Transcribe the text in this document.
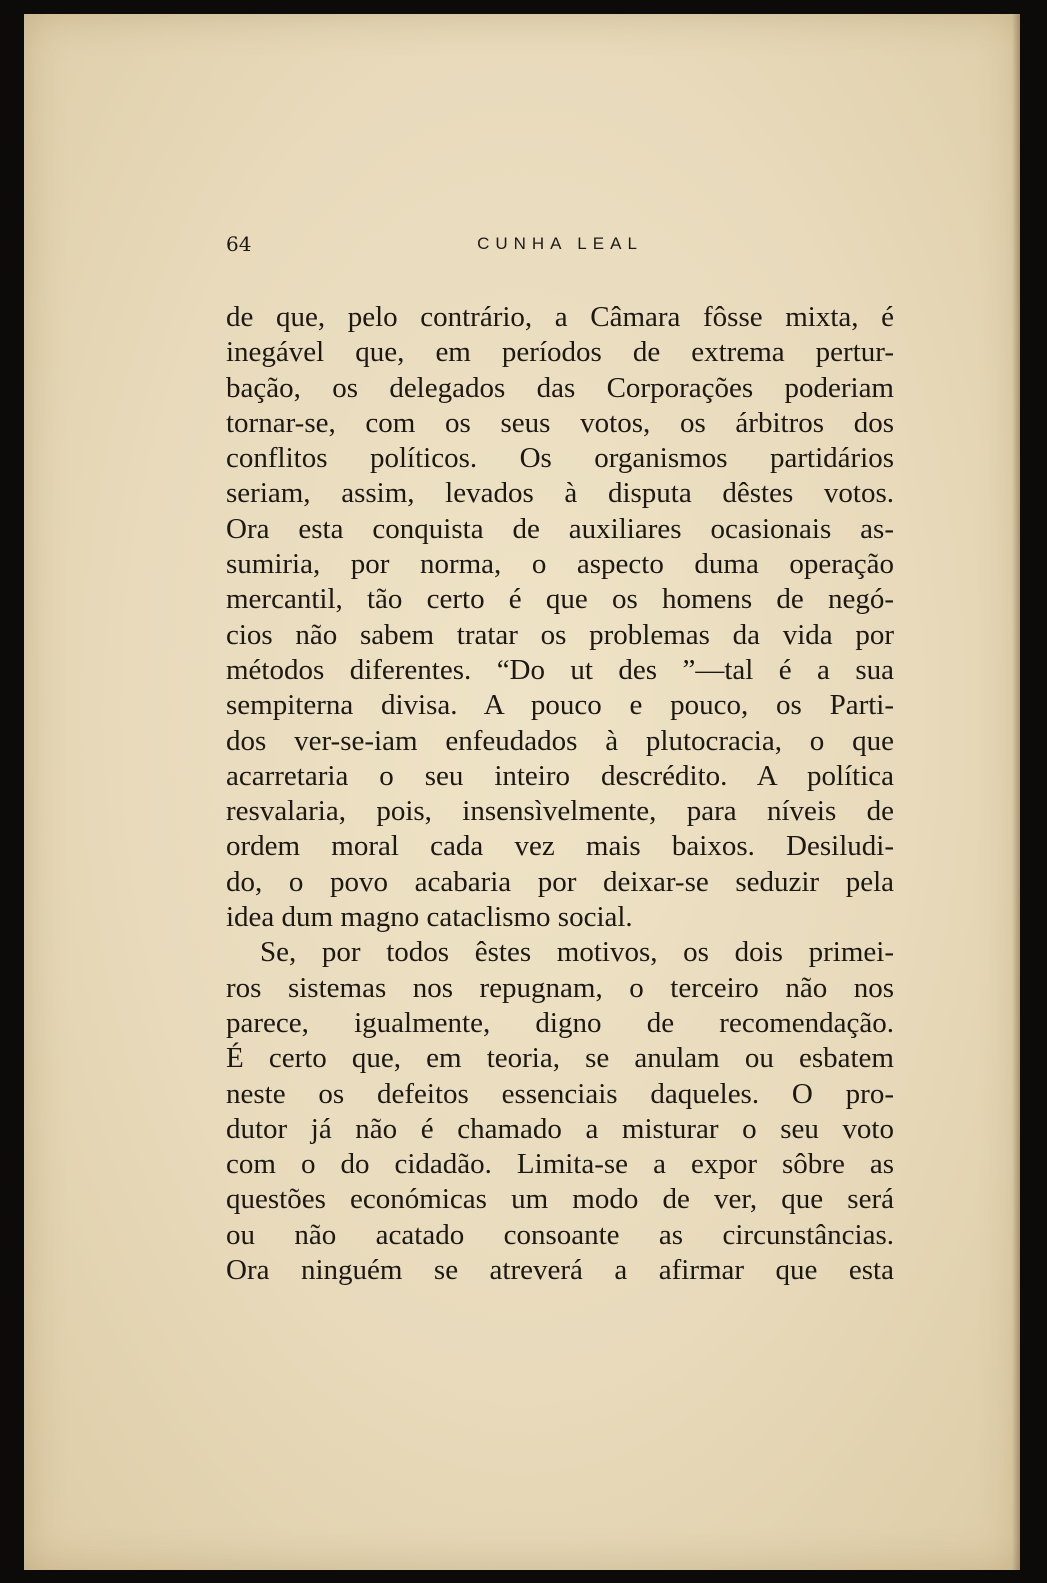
64	CUNHA LEAL
de que, pelo contrário, a Câmara fôsse mixta, é
inegável que, em períodos de extrema pertur-
bação, os delegados das Corporações poderiam
tornar-se, com os seus votos, os árbitros dos
conflitos políticos. Os organismos partidários
seriam, assim, levados à disputa dêstes votos.
Ora esta conquista de auxiliares ocasionais as-
sumiria, por norma, o aspecto duma operação
mercantil, tão certo é que os homens de negó-
cios não sabem tratar os problemas da vida por
métodos diferentes. “Do ut des ”—tal é a sua
sempiterna divisa. A pouco e pouco, os Parti-
dos ver-se-iam enfeudados à plutocracia, o que
acarretaria o seu inteiro descrédito. A política
resvalaria, pois, insensìvelmente, para níveis de
ordem moral cada vez mais baixos. Desiludi-
do, o povo acabaria por deixar-se seduzir pela
idea dum magno cataclismo social.
Se, por todos êstes motivos, os dois primei-
ros sistemas nos repugnam, o terceiro não nos
parece, igualmente, digno de recomendação.
É certo que, em teoria, se anulam ou esbatem
neste os defeitos essenciais daqueles. O pro-
dutor já não é chamado a misturar o seu voto
com o do cidadão. Limita-se a expor sôbre as
questões económicas um modo de ver, que será
ou não acatado consoante as circunstâncias.
Ora ninguém se atreverá a afirmar que esta
